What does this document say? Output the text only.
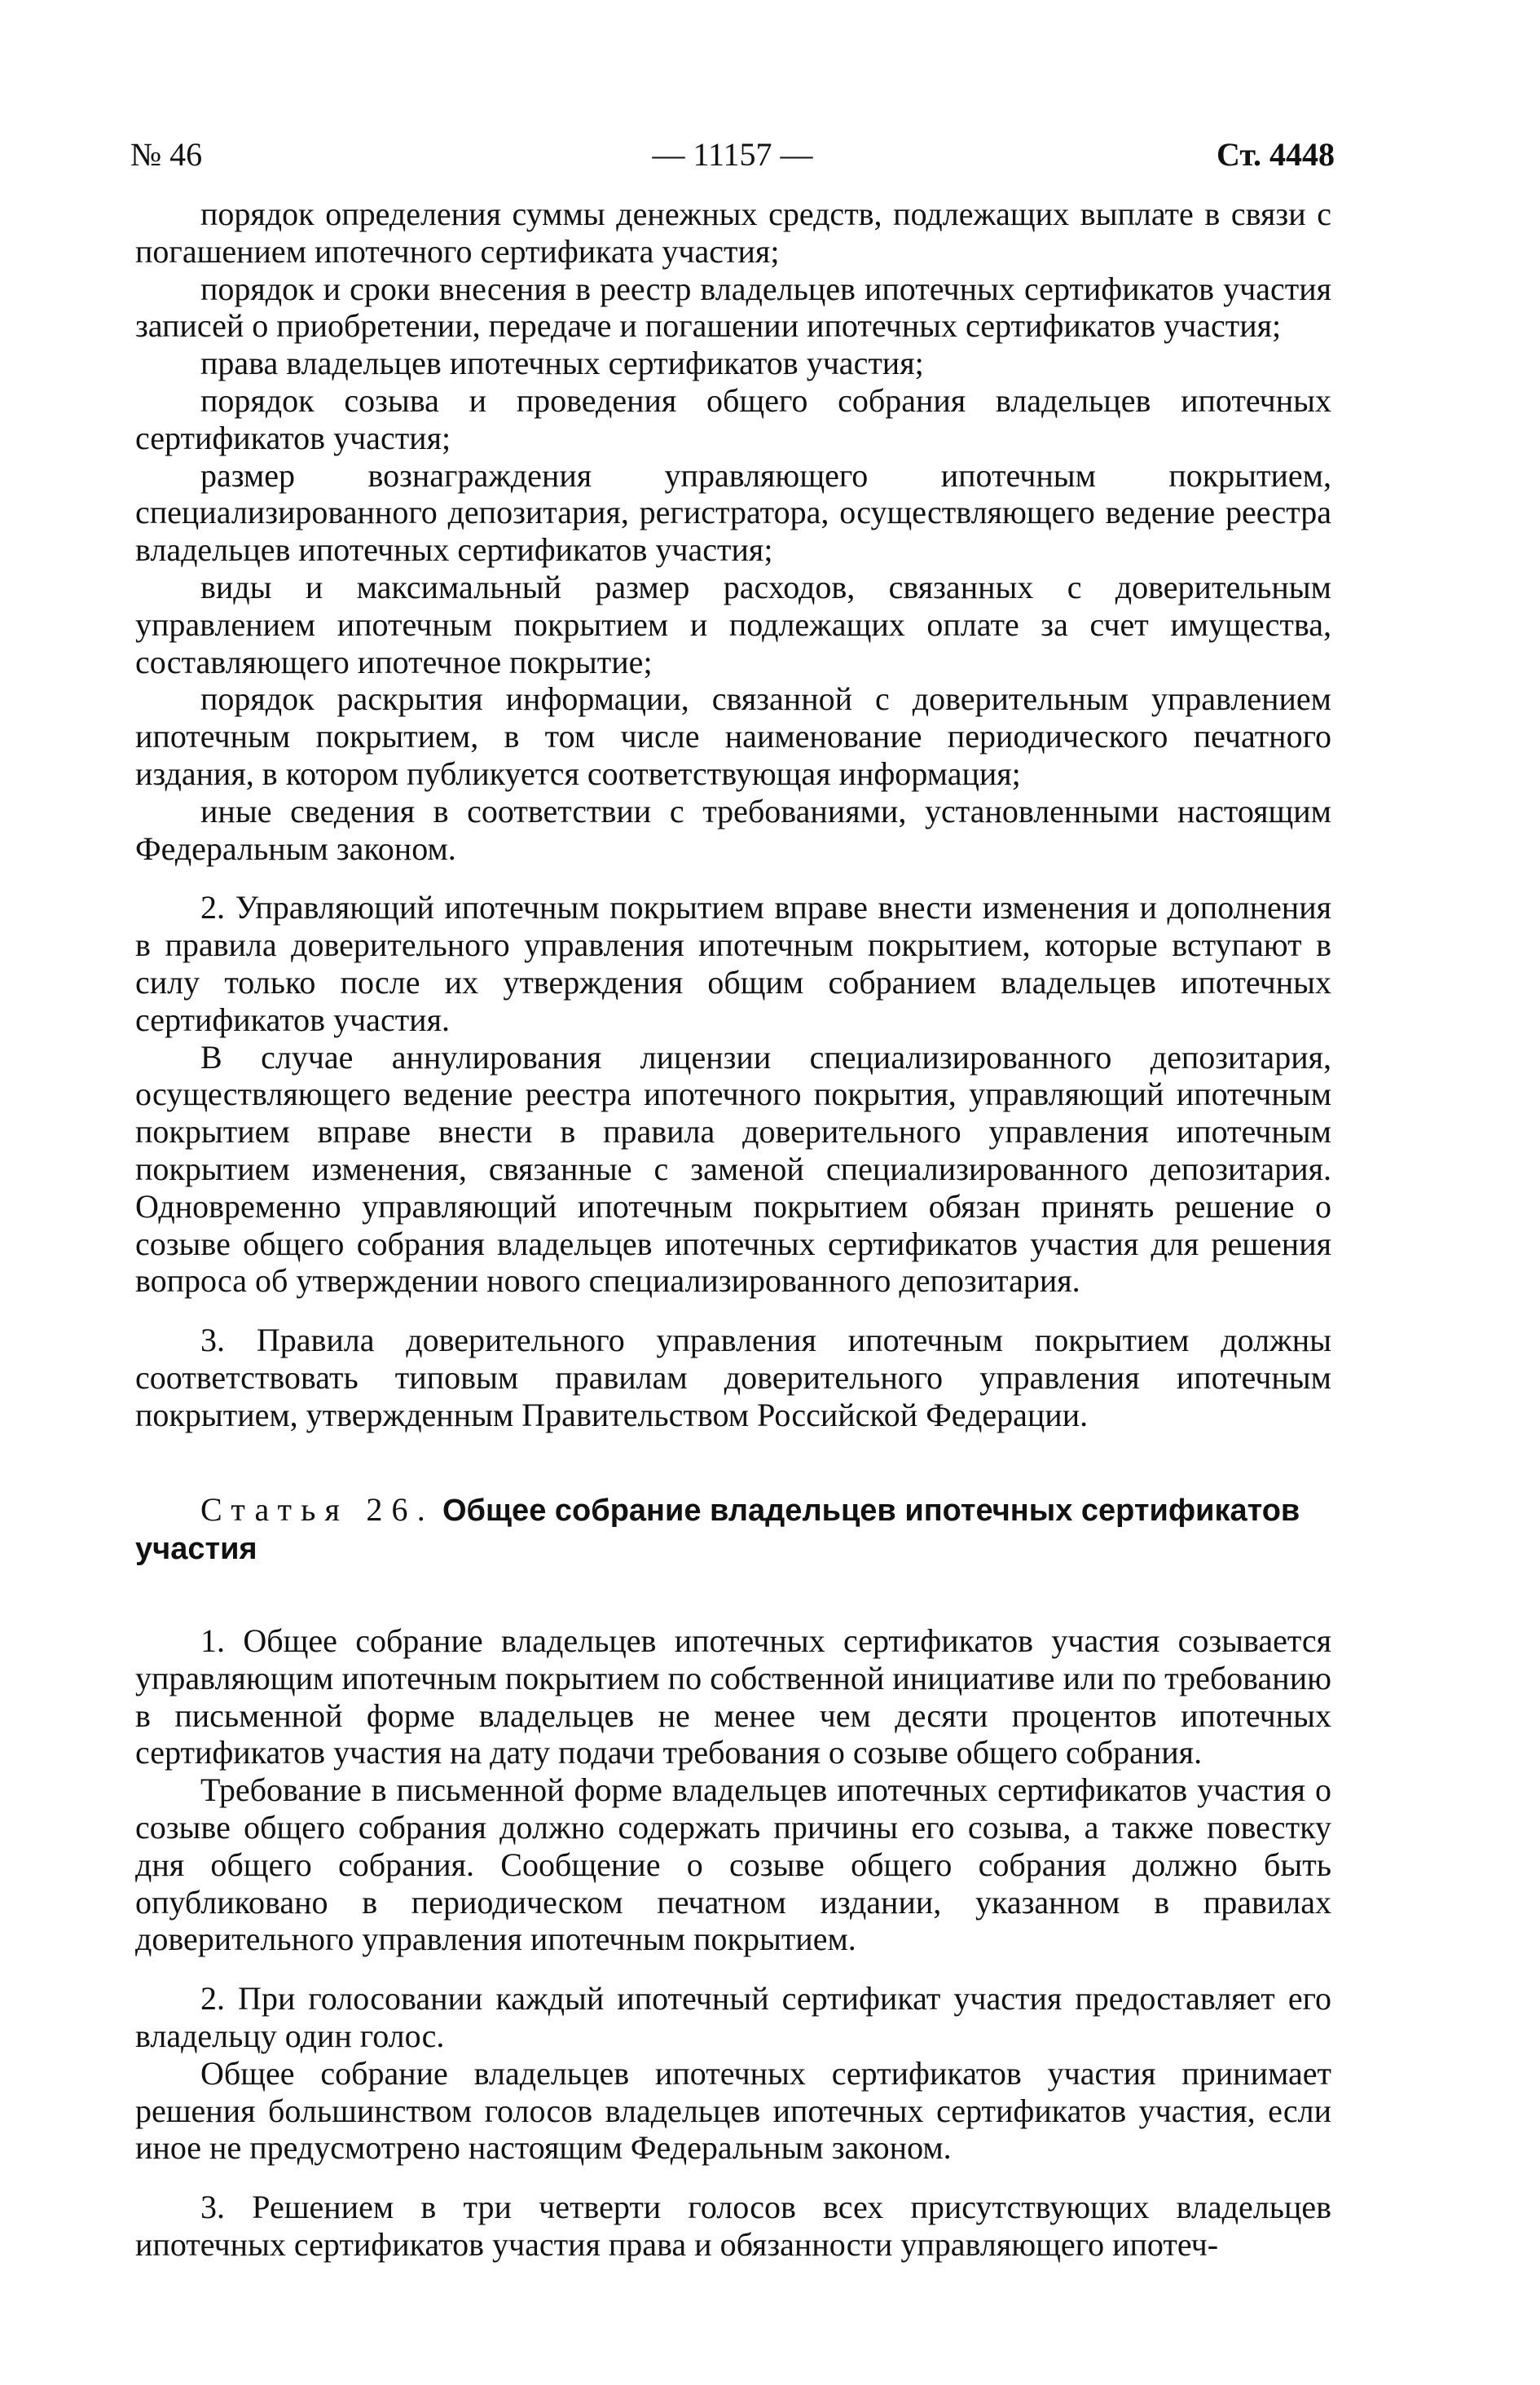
№ 46	— 11157 —	Ст. 4448

порядок определения суммы денежных средств, подлежащих выплате в связи с погашением ипотечного сертификата участия;

порядок и сроки внесения в реестр владельцев ипотечных сертификатов участия записей о приобретении, передаче и погашении ипотечных сертификатов участия;

права владельцев ипотечных сертификатов участия;

порядок созыва и проведения общего собрания владельцев ипотечных сертификатов участия;

размер вознаграждения управляющего ипотечным покрытием, специализированного депозитария, регистратора, осуществляющего ведение реестра владельцев ипотечных сертификатов участия;

виды и максимальный размер расходов, связанных с доверительным управлением ипотечным покрытием и подлежащих оплате за счет имущества, составляющего ипотечное покрытие;

порядок раскрытия информации, связанной с доверительным управлением ипотечным покрытием, в том числе наименование периодического печатного издания, в котором публикуется соответствующая информация;

иные сведения в соответствии с требованиями, установленными настоящим Федеральным законом.

2. Управляющий ипотечным покрытием вправе внести изменения и дополнения в правила доверительного управления ипотечным покрытием, которые вступают в силу только после их утверждения общим собранием владельцев ипотечных сертификатов участия.

В случае аннулирования лицензии специализированного депозитария, осуществляющего ведение реестра ипотечного покрытия, управляющий ипотечным покрытием вправе внести в правила доверительного управления ипотечным покрытием изменения, связанные с заменой специализированного депозитария. Одновременно управляющий ипотечным покрытием обязан принять решение о созыве общего собрания владельцев ипотечных сертификатов участия для решения вопроса об утверждении нового специализированного депозитария.

3. Правила доверительного управления ипотечным покрытием должны соответствовать типовым правилам доверительного управления ипотечным покрытием, утвержденным Правительством Российской Федерации.

Статья 26. Общее собрание владельцев ипотечных сертификатов участия

1. Общее собрание владельцев ипотечных сертификатов участия созывается управляющим ипотечным покрытием по собственной инициативе или по требованию в письменной форме владельцев не менее чем десяти процентов ипотечных сертификатов участия на дату подачи требования о созыве общего собрания.

Требование в письменной форме владельцев ипотечных сертификатов участия о созыве общего собрания должно содержать причины его созыва, а также повестку дня общего собрания. Сообщение о созыве общего собрания должно быть опубликовано в периодическом печатном издании, указанном в правилах доверительного управления ипотечным покрытием.

2. При голосовании каждый ипотечный сертификат участия предоставляет его владельцу один голос.

Общее собрание владельцев ипотечных сертификатов участия принимает решения большинством голосов владельцев ипотечных сертификатов участия, если иное не предусмотрено настоящим Федеральным законом.

3. Решением в три четверти голосов всех присутствующих владельцев ипотечных сертификатов участия права и обязанности управляющего ипотеч-
